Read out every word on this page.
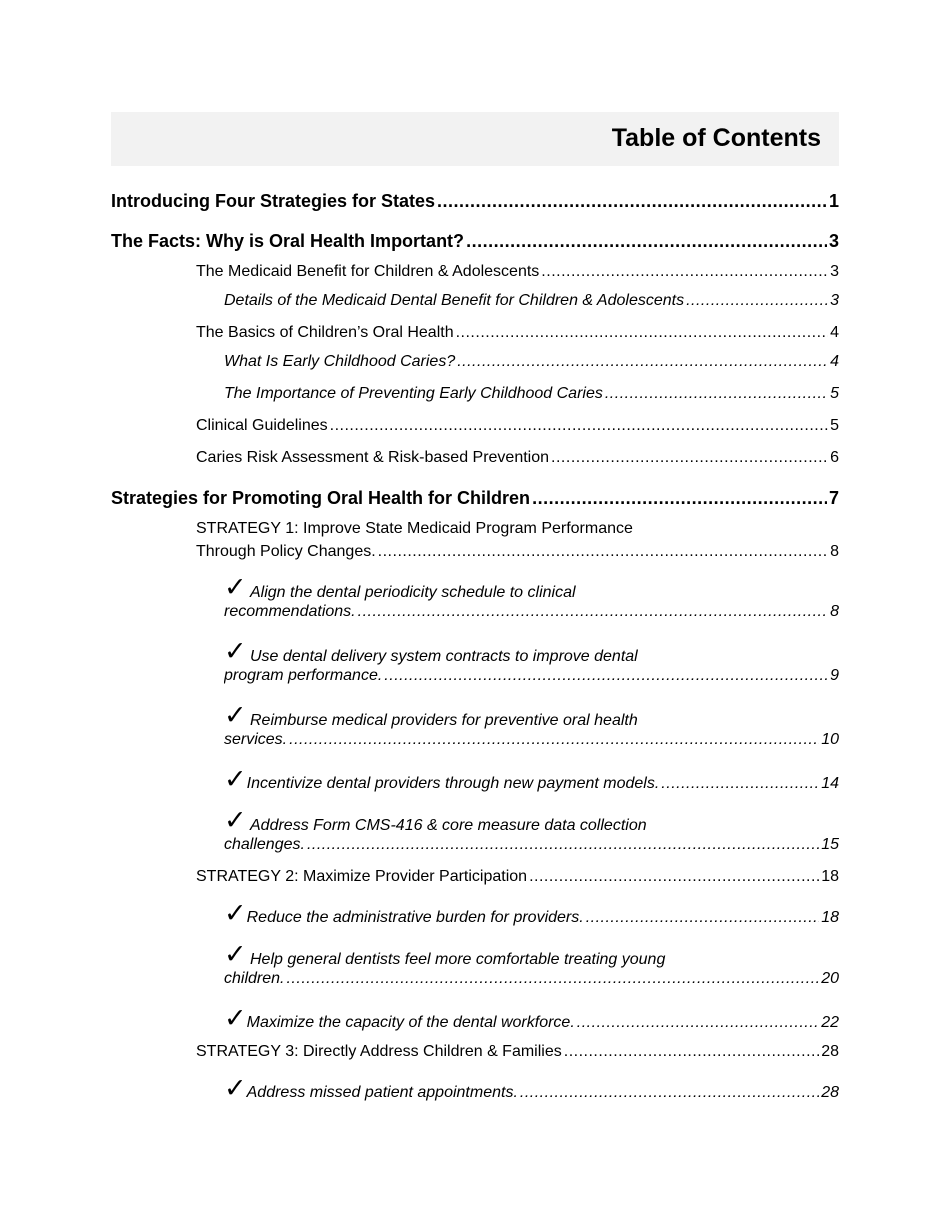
Table of Contents
Introducing Four Strategies for States .....	1
The Facts: Why is Oral Health Important? .....	3
The Medicaid Benefit for Children & Adolescents .....	3
Details of the Medicaid Dental Benefit for Children & Adolescents .....	3
The Basics of Children’s Oral Health .....	4
What Is Early Childhood Caries? .....	4
The Importance of Preventing Early Childhood Caries .....	5
Clinical Guidelines .....	5
Caries Risk Assessment & Risk-based Prevention .....	6
Strategies for Promoting Oral Health for Children .....	7
STRATEGY 1: Improve State Medicaid Program Performance
Through Policy Changes. .....	8
✓ Align the dental periodicity schedule to clinical
recommendations. .....	8
✓ Use dental delivery system contracts to improve dental
program performance. .....	9
✓ Reimburse medical providers for preventive oral health
services. .....	10
✓ Incentivize dental providers through new payment models. .....	14
✓ Address Form CMS-416 & core measure data collection
challenges. .....	15
STRATEGY 2: Maximize Provider Participation .....	18
✓ Reduce the administrative burden for providers. .....	18
✓ Help general dentists feel more comfortable treating young
children. .....	20
✓ Maximize the capacity of the dental workforce. .....	22
STRATEGY 3: Directly Address Children & Families .....	28
✓ Address missed patient appointments. .....	28
